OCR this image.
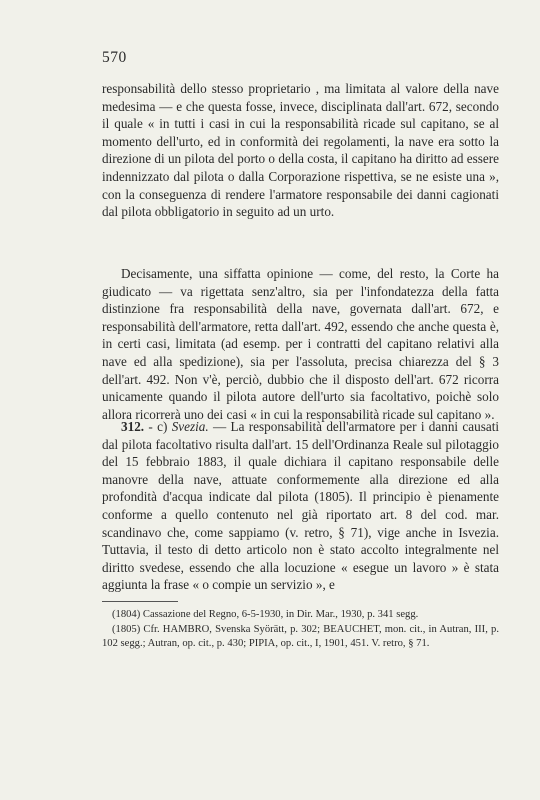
570

responsabilità dello stesso proprietario , ma limitata al valore della nave medesima — e che questa fosse, invece, disciplinata dall'art. 672, secondo il quale « in tutti i casi in cui la responsabilità ricade sul capitano, se al momento dell'urto, ed in conformità dei regolamenti, la nave era sotto la direzione di un pilota del porto o della costa, il capitano ha diritto ad essere indennizzato dal pilota o dalla Corporazione rispettiva, se ne esiste una », con la conseguenza di rendere l'armatore responsabile dei danni cagionati dal pilota obbligatorio in seguito ad un urto.

Decisamente, una siffatta opinione — come, del resto, la Corte ha giudicato — va rigettata senz'altro, sia per l'infondatezza della fatta distinzione fra responsabilità della nave, governata dall'art. 672, e responsabilità dell'armatore, retta dall'art. 492, essendo che anche questa è, in certi casi, limitata (ad esemp. per i contratti del capitano relativi alla nave ed alla spedizione), sia per l'assoluta, precisa chiarezza del § 3 dell'art. 492. Non v'è, perciò, dubbio che il disposto dell'art. 672 ricorra unicamente quando il pilota autore dell'urto sia facoltativo, poichè solo allora ricorrerà uno dei casi « in cui la responsabilità ricade sul capitano ».

312. - c) Svezia. — La responsabilità dell'armatore per i danni causati dal pilota facoltativo risulta dall'art. 15 dell'Ordinanza Reale sul pilotaggio del 15 febbraio 1883, il quale dichiara il capitano responsabile delle manovre della nave, attuate conformemente alla direzione ed alla profondità d'acqua indicate dal pilota (1805). Il principio è pienamente conforme a quello contenuto nel già riportato art. 8 del cod. mar. scandinavo che, come sappiamo (v. retro, § 71), vige anche in Isvezia. Tuttavia, il testo di detto articolo non è stato accolto integralmente nel diritto svedese, essendo che alla locuzione « esegue un lavoro » è stata aggiunta la frase « o compie un servizio », e

(1804) Cassazione del Regno, 6-5-1930, in Dir. Mar., 1930, p. 341 segg.

(1805) Cfr. HAMBRO, Svenska Syörätt, p. 302; BEAUCHET, mon. cit., in Autran, III, p. 102 segg.; Autran, op. cit., p. 430; PIPIA, op. cit., I, 1901, 451. V. retro, § 71.
